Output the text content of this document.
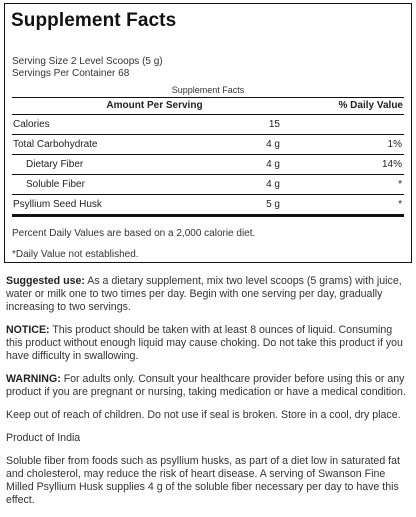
Supplement Facts
Serving Size 2 Level Scoops (5 g)
Servings Per Container 68
Supplement Facts
Amount Per Serving	% Daily Value
Calories	15
Total Carbohydrate	4 g	1%
Dietary Fiber	4 g	14%
Soluble Fiber	4 g	*
Psyllium Seed Husk	5 g	*
Percent Daily Values are based on a 2,000 calorie diet.
*Daily Value not established.

Suggested use: As a dietary supplement, mix two level scoops (5 grams) with juice, water or milk one to two times per day. Begin with one serving per day, gradually increasing to two servings.

NOTICE: This product should be taken with at least 8 ounces of liquid. Consuming this product without enough liquid may cause choking. Do not take this product if you have difficulty in swallowing.

WARNING: For adults only. Consult your healthcare provider before using this or any product if you are pregnant or nursing, taking medication or have a medical condition.

Keep out of reach of children. Do not use if seal is broken. Store in a cool, dry place.

Product of India

Soluble fiber from foods such as psyllium husks, as part of a diet low in saturated fat and cholesterol, may reduce the risk of heart disease. A serving of Swanson Fine Milled Psyllium Husk supplies 4 g of the soluble fiber necessary per day to have this effect.
